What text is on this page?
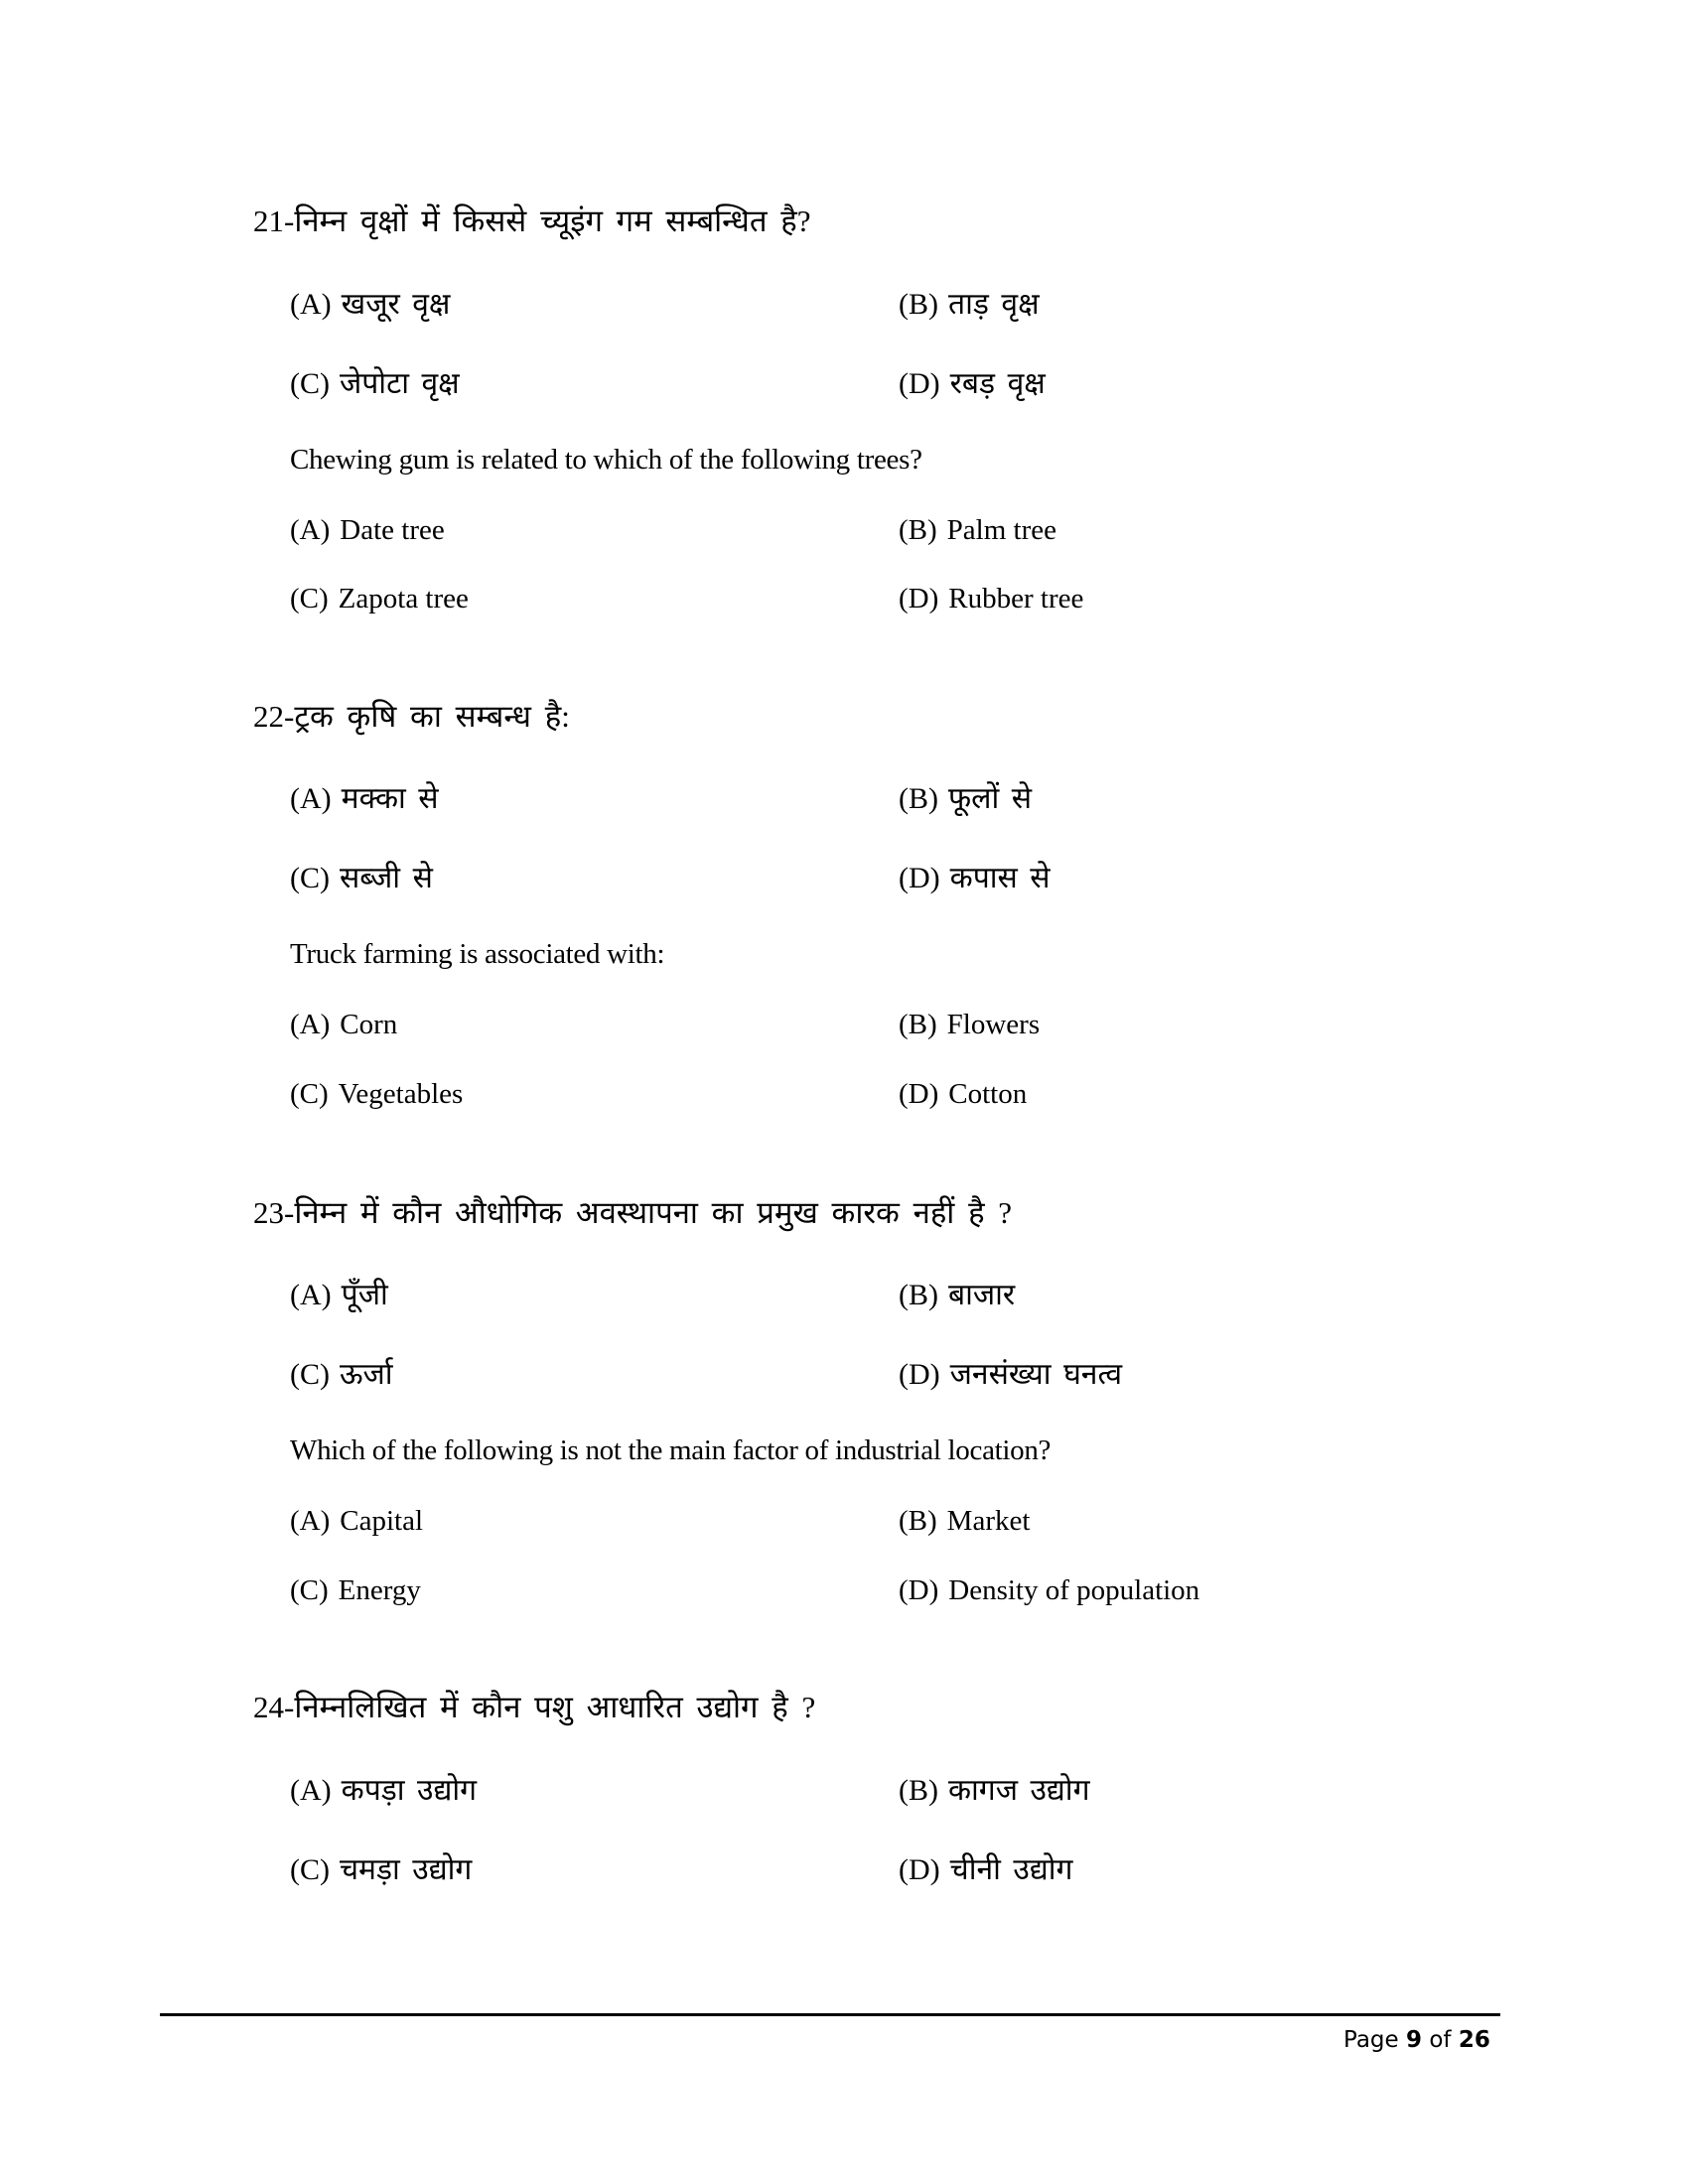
21-निम्न वृक्षों में किससे च्यूइंग गम सम्बन्धित है?
(A) खजूर वृक्ष	(B) ताड़ वृक्ष
(C) जेपोटा वृक्ष	(D) रबड़ वृक्ष
Chewing gum is related to which of the following trees?
(A) Date tree	(B) Palm tree
(C) Zapota tree	(D) Rubber tree
22-ट्रक कृषि का सम्बन्ध है:
(A) मक्का से	(B) फूलों से
(C) सब्जी से	(D) कपास से
Truck farming is associated with:
(A) Corn	(B) Flowers
(C) Vegetables	(D) Cotton
23-निम्न में कौन औधोगिक अवस्थापना का प्रमुख कारक नहीं है ?
(A) पूँजी	(B) बाजार
(C) ऊर्जा	(D) जनसंख्या घनत्व
Which of the following is not the main factor of industrial location?
(A) Capital	(B) Market
(C) Energy	(D) Density of population
24-निम्नलिखित में कौन पशु आधारित उद्योग है ?
(A) कपड़ा उद्योग	(B) कागज उद्योग
(C) चमड़ा उद्योग	(D) चीनी उद्योग
Page 9 of 26
